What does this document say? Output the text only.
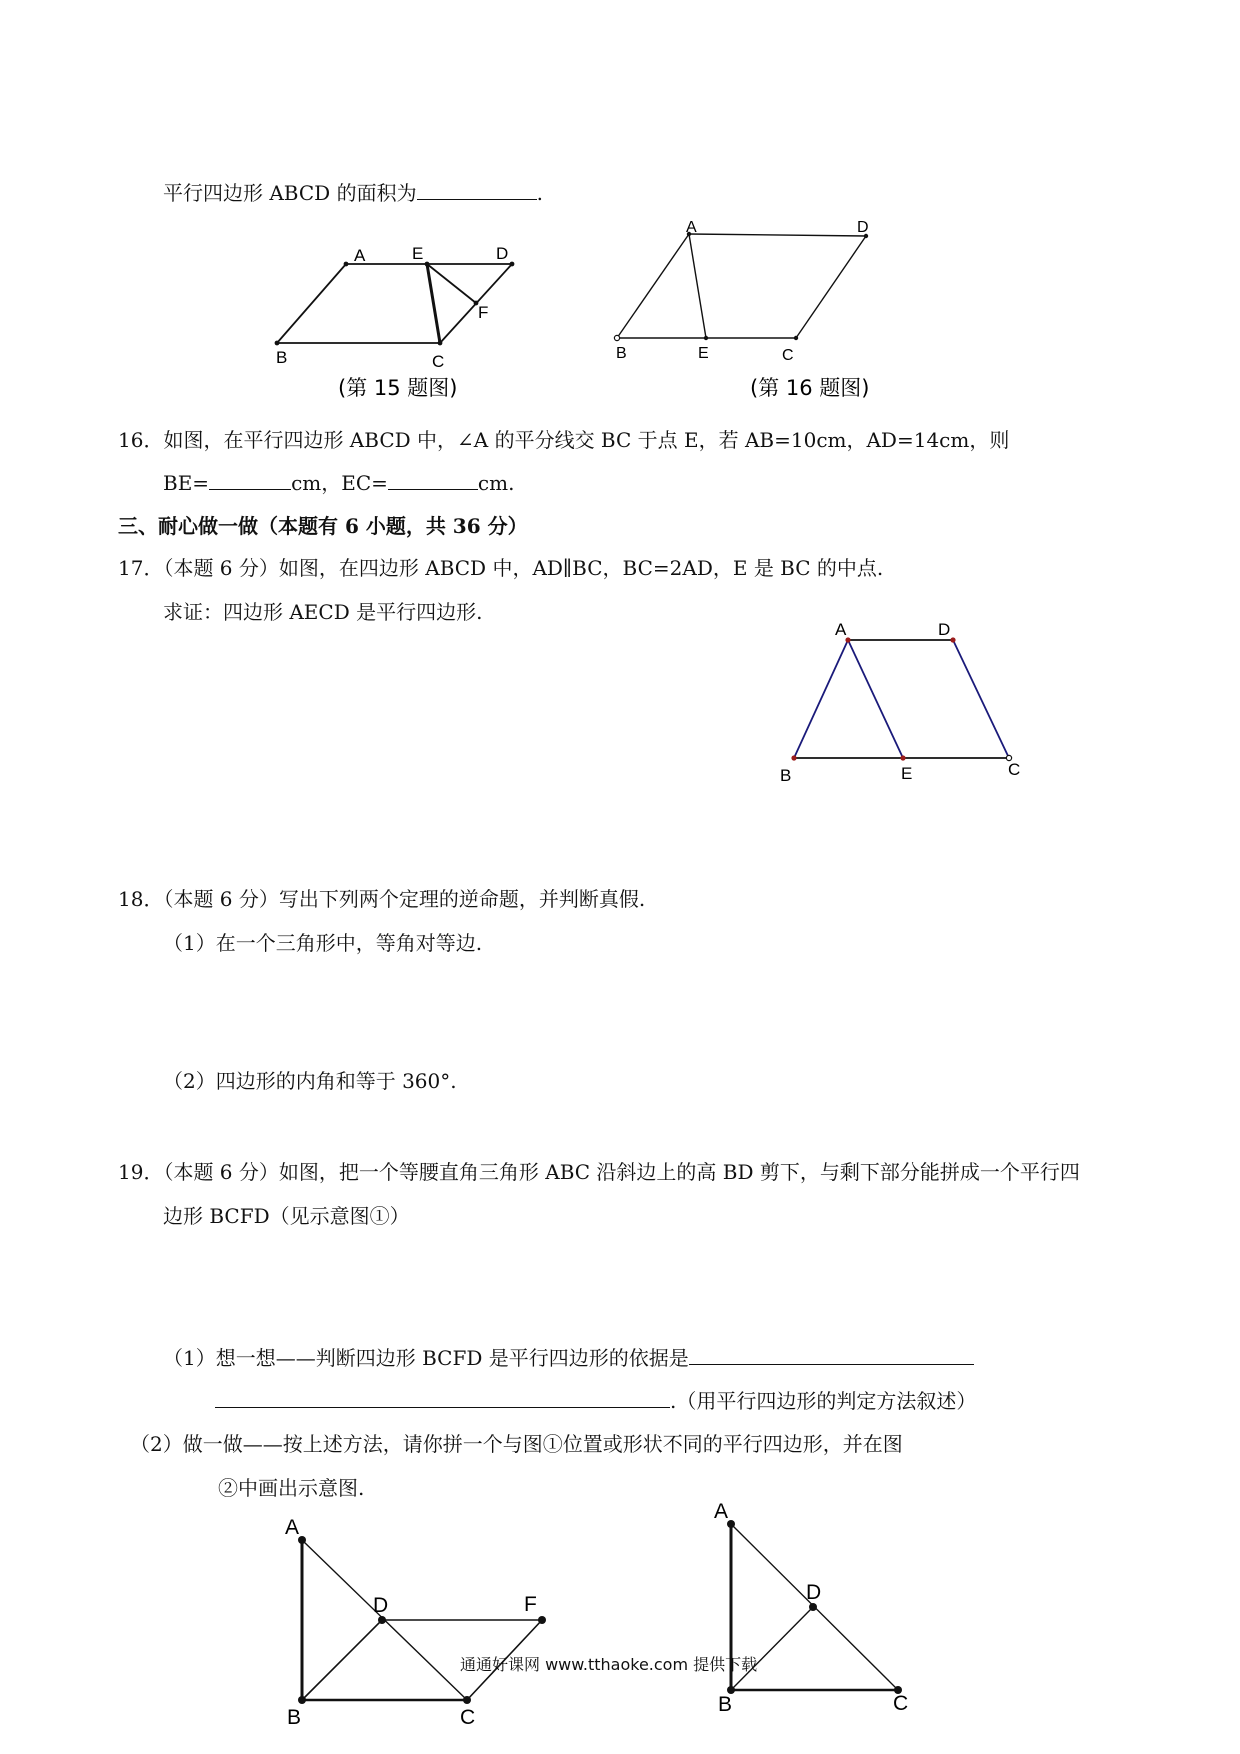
平行四边形 ABCD 的面积为	.
A	E	D
F
B	C
(第 15 题图)
A	D
B	E	C
(第 16 题图)
A	D
B	E	C
A
D	F
B	C
A
D
B	C
16．如图，在平行四边形 ABCD 中，∠A 的平分线交 BC 于点 E，若 AB=10cm，AD=14cm，则
BE=	cm，EC=	cm.
三、耐心做一做（本题有 6 小题，共 36 分）
17．（本题 6 分）如图，在四边形 ABCD 中，AD∥BC，BC=2AD，E 是 BC 的中点.
求证：四边形 AECD 是平行四边形.
18．（本题 6 分）写出下列两个定理的逆命题，并判断真假.
（1）在一个三角形中，等角对等边.
（2）四边形的内角和等于 360°.
19．（本题 6 分）如图，把一个等腰直角三角形 ABC 沿斜边上的高 BD 剪下，与剩下部分能拼成一个平行四
边形 BCFD（见示意图①）
（1）想一想——判断四边形 BCFD 是平行四边形的依据是
.（用平行四边形的判定方法叙述）
（2）做一做——按上述方法，请你拼一个与图①位置或形状不同的平行四边形，并在图
②中画出示意图.
通通好课网 www.tthaoke.com 提供下载
